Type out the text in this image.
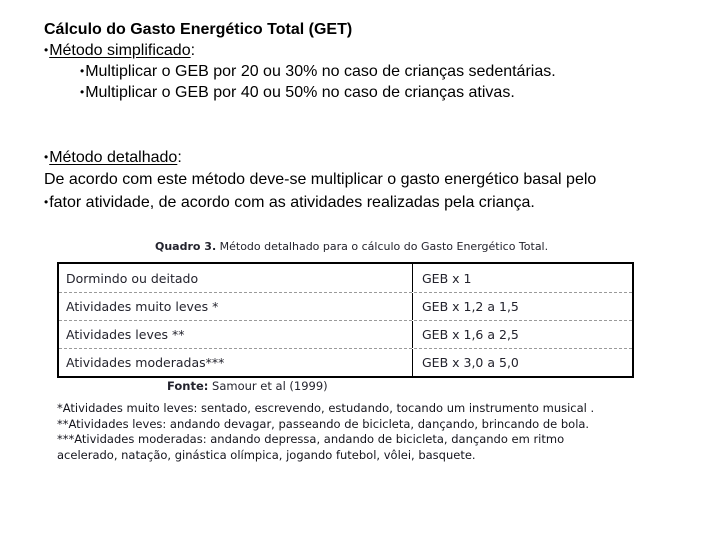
Cálculo do Gasto Energético Total (GET)
•Método simplificado:
•Multiplicar o GEB por 20 ou 30% no caso de crianças sedentárias.
•Multiplicar o GEB por 40 ou 50% no caso de crianças ativas.
•Método detalhado:
De acordo com este método deve-se multiplicar o gasto energético basal pelo
•fator atividade, de acordo com as atividades realizadas pela criança.
Quadro 3. Método detalhado para o cálculo do Gasto Energético Total.
Dormindo ou deitado	GEB x 1
Atividades muito leves *	GEB x 1,2 a 1,5
Atividades leves **	GEB x 1,6 a 2,5
Atividades moderadas***	GEB x 3,0 a 5,0
Fonte: Samour et al (1999)
*Atividades muito leves: sentado, escrevendo, estudando, tocando um instrumento musical .
**Atividades leves: andando devagar, passeando de bicicleta, dançando, brincando de bola.
***Atividades moderadas: andando depressa, andando de bicicleta, dançando em ritmo
acelerado, natação, ginástica olímpica, jogando futebol, vôlei, basquete.
